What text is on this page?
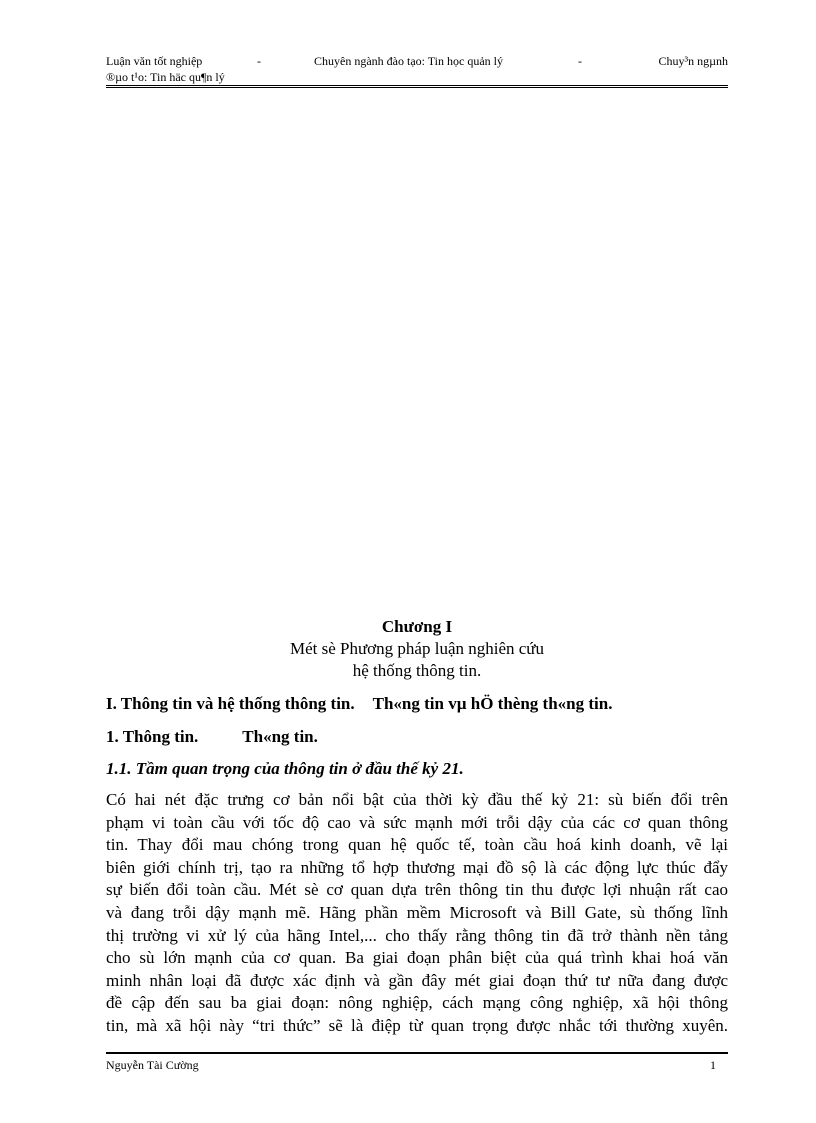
Luận văn tốt nghiệp	-	Chuyên ngành đào tạo: Tin học quản lý	-	Chuy³n ngµnh
®µo t¹o: Tin häc qu¶n lý
Chương I
Mét sè Phương pháp luận nghiên cứu
hệ thống thông tin.
I. Thông tin và hệ thống thông tin. Th«ng tin vµ hÖ thèng th«ng tin.
1. Thông tin.	Th«ng tin.
1.1. Tầm quan trọng của thông tin ở đầu thế kỷ 21.
Có hai nét đặc trưng cơ bản nổi bật của thời kỳ đầu thế kỷ 21: sù biến đổi trên
phạm vi toàn cầu với tốc độ cao và sức mạnh mới trỗi dậy của các cơ quan thông
tin. Thay đổi mau chóng trong quan hệ quốc tế, toàn cầu hoá kinh doanh, vẽ lại
biên giới chính trị, tạo ra những tổ hợp thương mại đồ sộ là các động lực thúc đẩy
sự biến đổi toàn cầu. Mét sè cơ quan dựa trên thông tin thu được lợi nhuận rất cao
và đang trỗi dậy mạnh mẽ. Hãng phần mềm Microsoft và Bill Gate, sù thống lĩnh
thị trường vi xử lý của hãng Intel,... cho thấy rằng thông tin đã trở thành nền tảng
cho sù lớn mạnh của cơ quan. Ba giai đoạn phân biệt của quá trình khai hoá văn
minh nhân loại đã được xác định và gần đây mét giai đoạn thứ tư nữa đang được
đề cập đến sau ba giai đoạn: nông nghiệp, cách mạng công nghiệp, xã hội thông
tin, mà xã hội này “tri thức” sẽ là điệp từ quan trọng được nhắc tới thường xuyên.
Nguyễn Tài Cường	1
